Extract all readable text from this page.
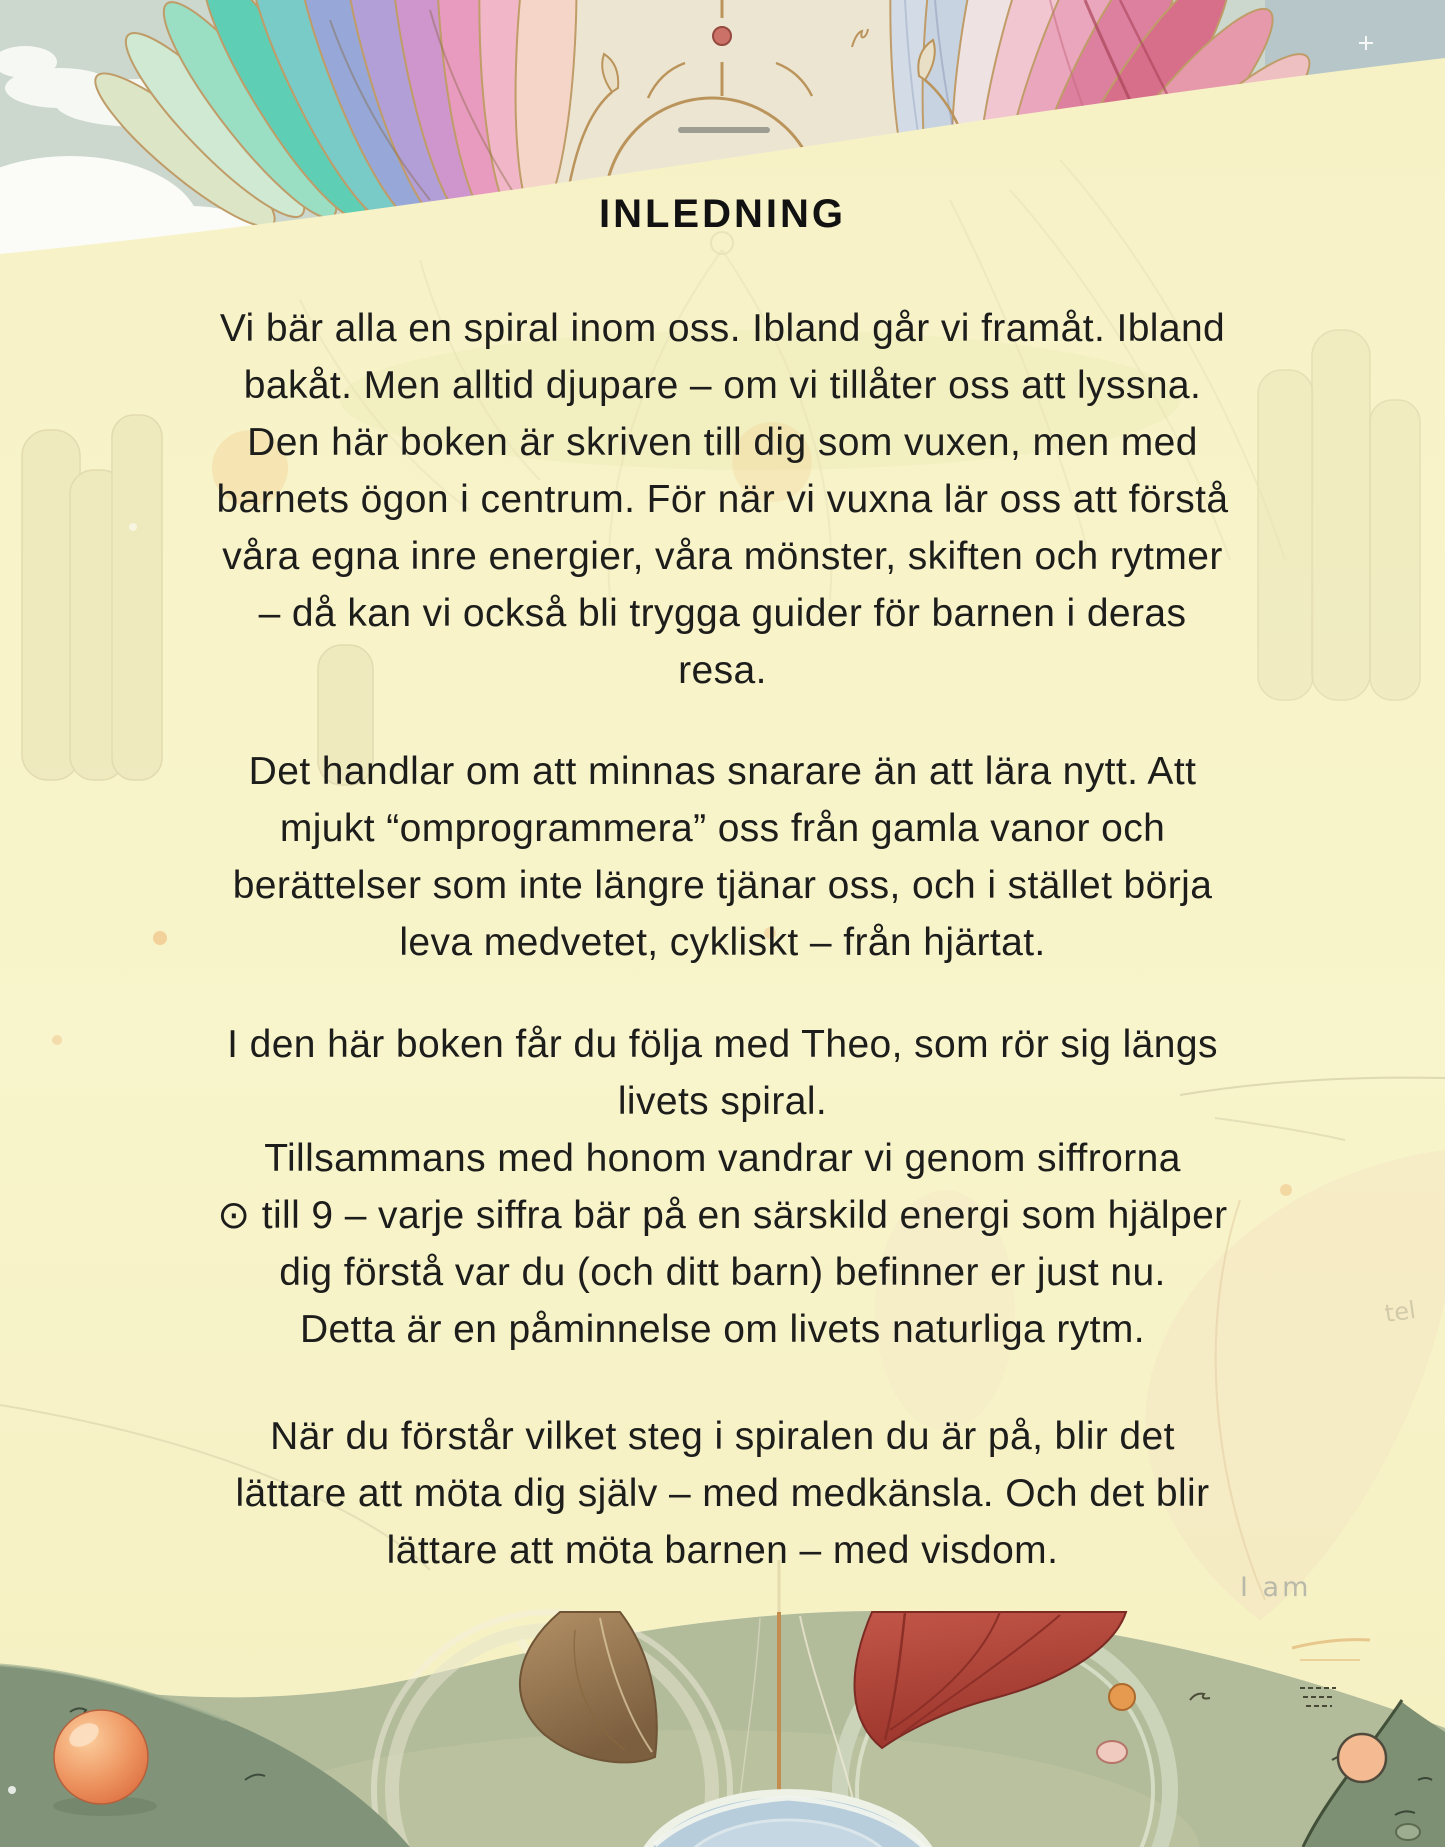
tel
I am
INLEDNING
Vi bär alla en spiral inom oss. Ibland går vi framåt. Ibland
bakåt. Men alltid djupare – om vi tillåter oss att lyssna.
Den här boken är skriven till dig som vuxen, men med
barnets ögon i centrum. För när vi vuxna lär oss att förstå
våra egna inre energier, våra mönster, skiften och rytmer
– då kan vi också bli trygga guider för barnen i deras
resa.
Det handlar om att minnas snarare än att lära nytt. Att
mjukt “omprogrammera” oss från gamla vanor och
berättelser som inte längre tjänar oss, och i stället börja
leva medvetet, cykliskt – från hjärtat.
I den här boken får du följa med Theo, som rör sig längs
livets spiral.
Tillsammans med honom vandrar vi genom siffrorna
⊙ till 9 – varje siffra bär på en särskild energi som hjälper
dig förstå var du (och ditt barn) befinner er just nu.
Detta är en påminnelse om livets naturliga rytm.
När du förstår vilket steg i spiralen du är på, blir det
lättare att möta dig själv – med medkänsla. Och det blir
lättare att möta barnen – med visdom.
